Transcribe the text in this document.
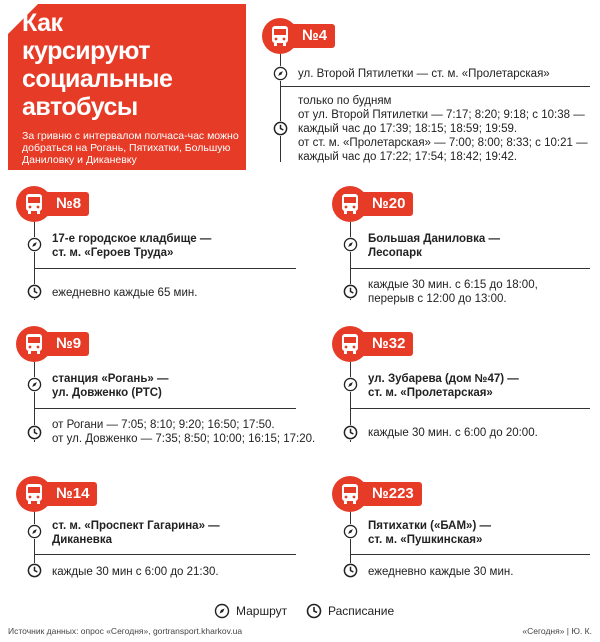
Как
курсируют
социальные
автобусы
За гривню с интервалом полчаса-час можно добраться на Рогань, Пятихатки, Большую Даниловку и Диканевку
№4
ул. Второй Пятилетки — ст. м. «Пролетарская»
только по будням
от ул. Второй Пятилетки — 7:17; 8:20; 9:18; с 10:38 —
каждый час до 17:39; 18:15; 18:59; 19:59.
от ст. м. «Пролетарская» — 7:00; 8:00; 8:33; с 10:21 —
каждый час до 17:22; 17:54; 18:42; 19:42.
№8
17-е городское кладбище —
ст. м. «Героев Труда»
ежедневно каждые 65 мин.
№20
Большая Даниловка —
Лесопарк
каждые 30 мин. с 6:15 до 18:00,
перерыв с 12:00 до 13:00.
№9
станция «Рогань» —
ул. Довженко (РТС)
от Рогани — 7:05; 8:10; 9:20; 16:50; 17:50.
от ул. Довженко — 7:35; 8:50; 10:00; 16:15; 17:20.
№32
ул. Зубарева (дом №47) —
ст. м. «Пролетарская»
каждые 30 мин. с 6:00 до 20:00.
№14
ст. м. «Проспект Гагарина» —
Диканевка
каждые 30 мин с 6:00 до 21:30.
№223
Пятихатки («БАМ») —
ст. м. «Пушкинская»
ежедневно каждые 30 мин.
Маршрут	Расписание
Источник данных: опрос «Сегодня», gortransport.kharkov.ua	«Сегодня» | Ю. К.
